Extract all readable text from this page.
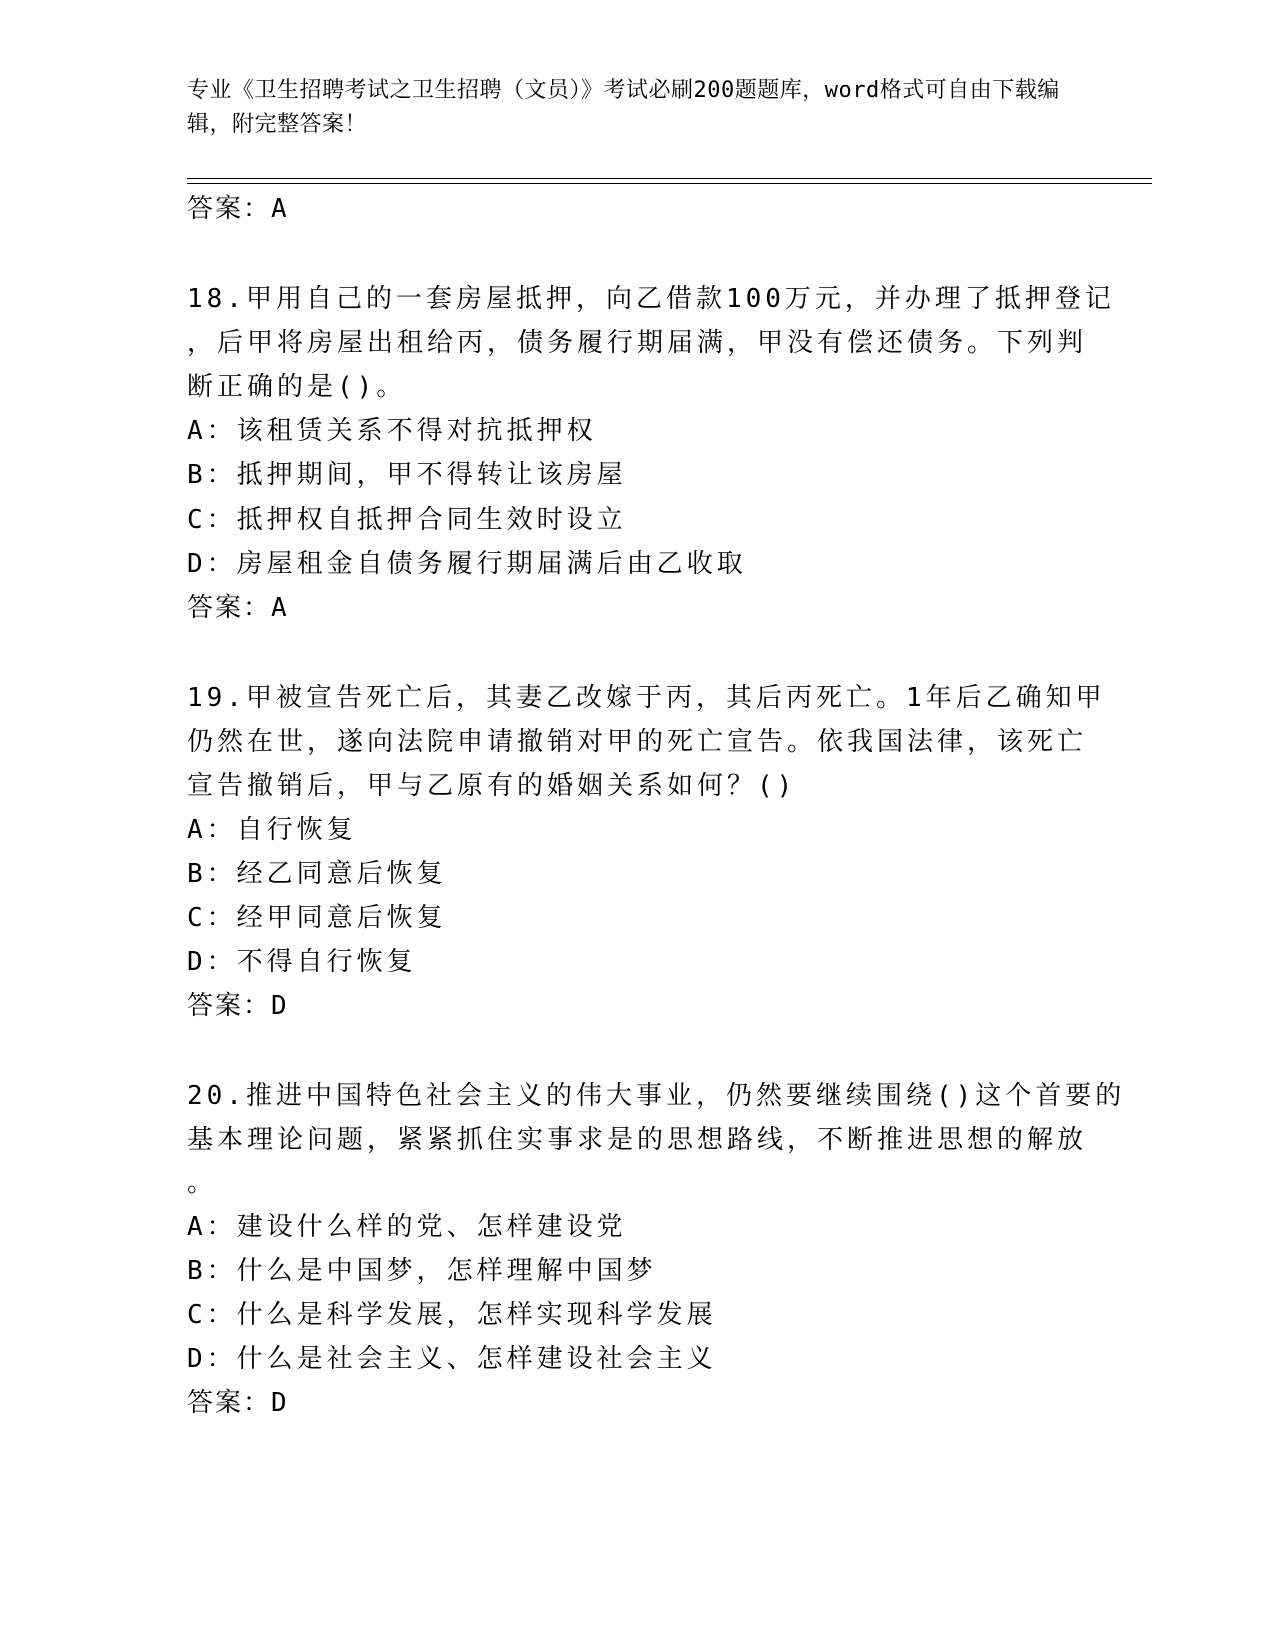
专业《卫生招聘考试之卫生招聘（文员）》考试必刷200题题库，word格式可自由下载编辑，附完整答案！
答案：A
18.甲用自己的一套房屋抵押，向乙借款100万元，并办理了抵押登记
，后甲将房屋出租给丙，债务履行期届满，甲没有偿还债务。下列判
断正确的是()。
A：该租赁关系不得对抗抵押权
B：抵押期间，甲不得转让该房屋
C：抵押权自抵押合同生效时设立
D：房屋租金自债务履行期届满后由乙收取
答案：A
19.甲被宣告死亡后，其妻乙改嫁于丙，其后丙死亡。1年后乙确知甲
仍然在世，遂向法院申请撤销对甲的死亡宣告。依我国法律，该死亡
宣告撤销后，甲与乙原有的婚姻关系如何？()
A：自行恢复
B：经乙同意后恢复
C：经甲同意后恢复
D：不得自行恢复
答案：D
20.推进中国特色社会主义的伟大事业，仍然要继续围绕()这个首要的
基本理论问题，紧紧抓住实事求是的思想路线，不断推进思想的解放
。
A：建设什么样的党、怎样建设党
B：什么是中国梦，怎样理解中国梦
C：什么是科学发展，怎样实现科学发展
D：什么是社会主义、怎样建设社会主义
答案：D
